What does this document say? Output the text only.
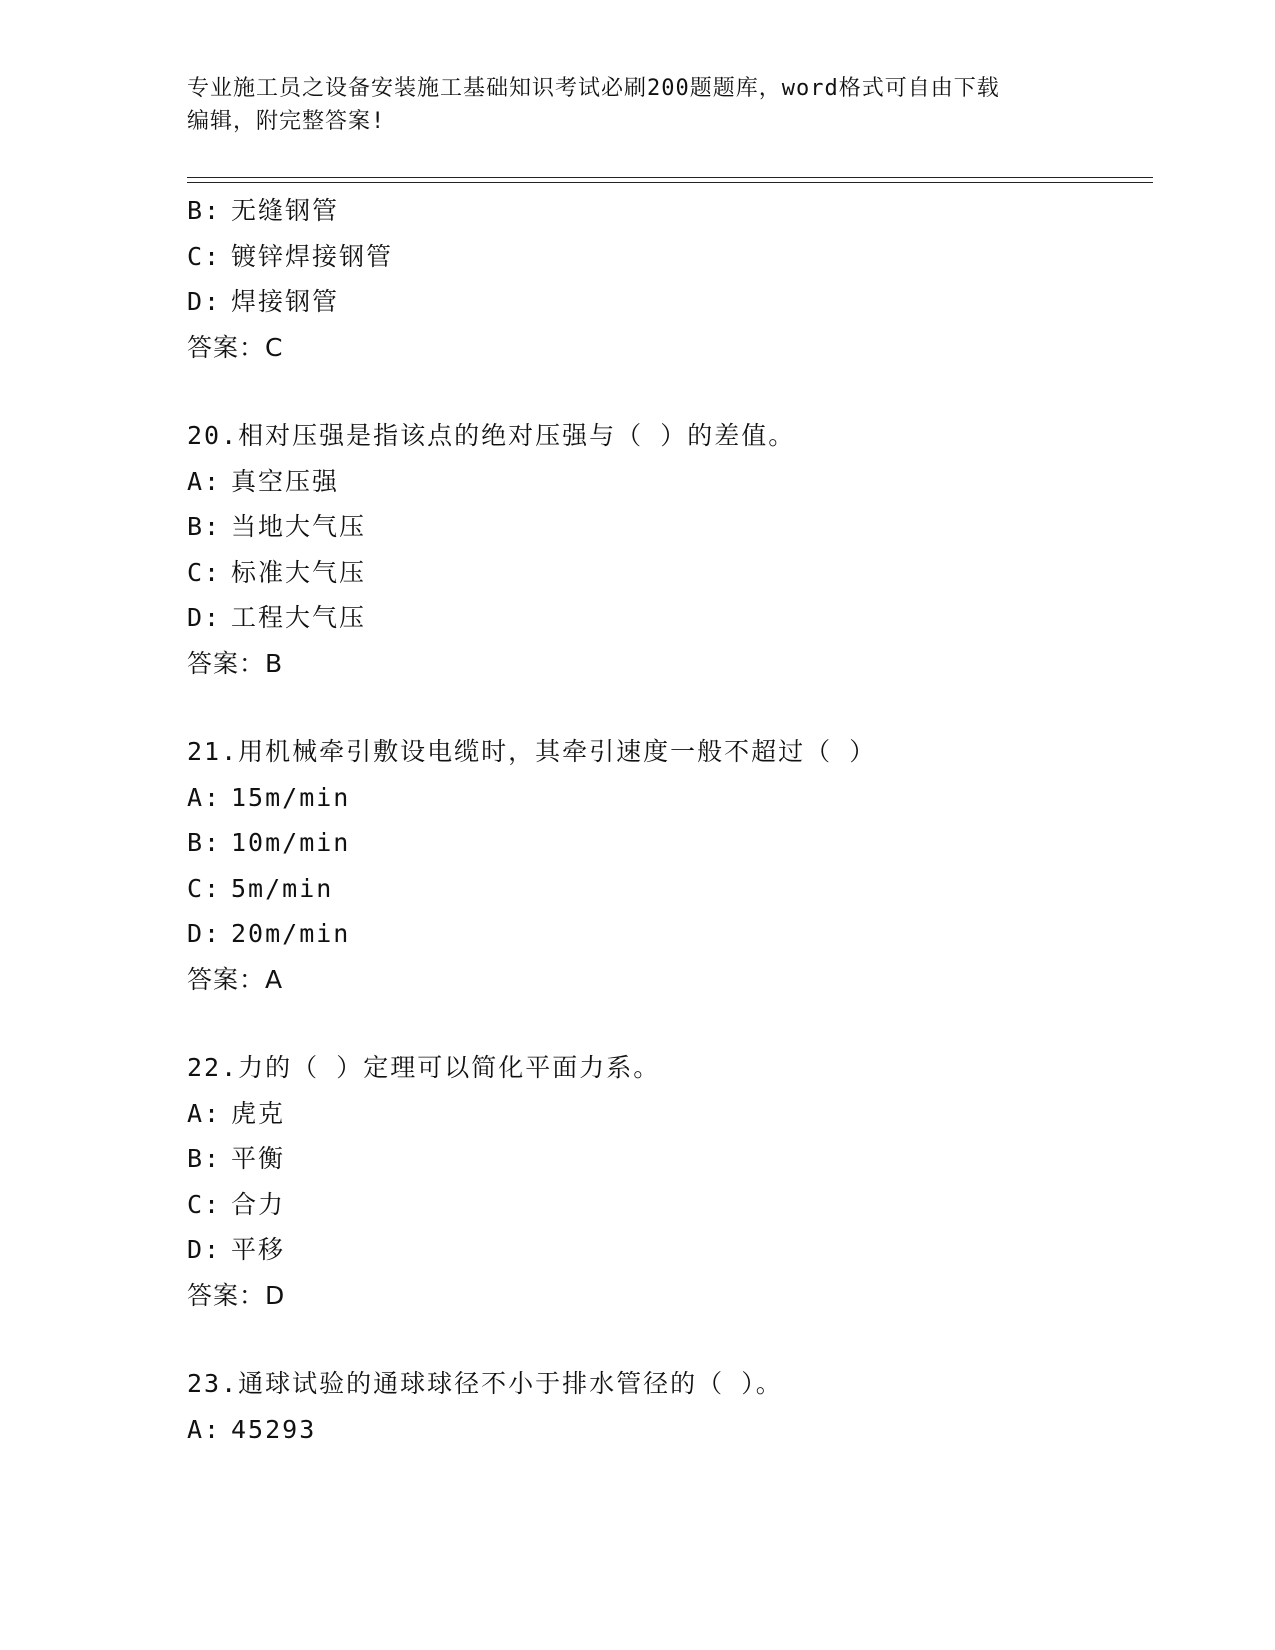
专业施工员之设备安装施工基础知识考试必刷200题题库，word格式可自由下载
编辑，附完整答案!
B: 无缝钢管
C: 镀锌焊接钢管
D: 焊接钢管
答案：C
20.相对压强是指该点的绝对压强与（ ）的差值。
A: 真空压强
B: 当地大气压
C: 标准大气压
D: 工程大气压
答案：B
21.用机械牵引敷设电缆时，其牵引速度一般不超过（ ）
A: 15m/min
B: 10m/min
C: 5m/min
D: 20m/min
答案：A
22.力的（ ）定理可以简化平面力系。
A: 虎克
B: 平衡
C: 合力
D: 平移
答案：D
23.通球试验的通球球径不小于排水管径的（ ）。
A: 45293
